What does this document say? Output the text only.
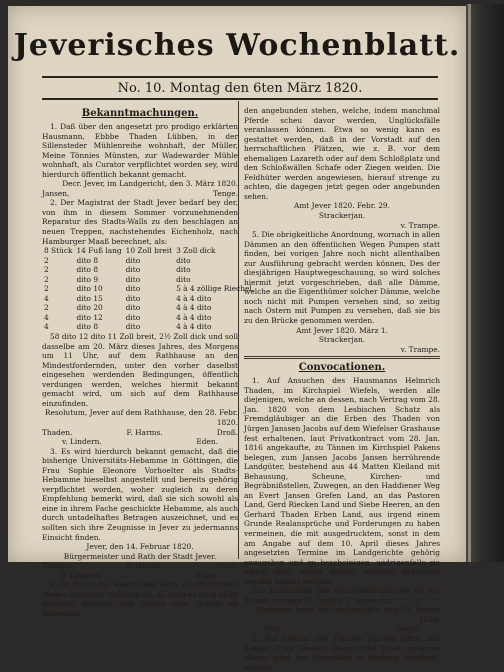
Jeverisches Wochenblatt.
No. 10. Montag den 6ten März 1820.
Bekanntmachungen.

1. Daß über den angesetzt pro prodigo erklärten Hausmann, Ebbbe Thaden Lübben, in der Sillensteder Mühlenreihe wohnhaft, der Müller, Meine Tönnies Münsten, zur Wadewarder Mühle wohnhaft, als Curator verpflichtet worden sey, wird hierdurch öffentlich bekannt gemacht.

Decr. Jever, im Landgericht, den 3. März 1820.

Jansen,	Tenge.

2. Der Magistrat der Stadt Jever bedarf bey der, von ihm in diesem Sommer vorzunehmenden Reparatur des Stadts-Walls zu den beschlagen an neuen Treppen, nachstehendes Eichenholz, nach Hamburger Maaß berechnet, als:

8 Stück	14 Fuß lang	10 Zoll breit	3 Zoll dick
2	dito 8	dito	dito
2	dito 8	dito	dito
2	dito 9	dito	dito
2	dito 10	dito	5 à 4 zöllige Riechel,
4	dito 15	dito	4 à 4 dito
2	dito 20	dito	4 à 4 dito
4	dito 12	dito	4 à 4 dito
4	dito 8	dito	4 à 4 dito

58 dito 12 dito 11 Zoll breit, 2½ Zoll dick und soll dasselbe am 20. März dieses Jahres, des Morgens um 11 Uhr, auf dem Rathhause an den Mindestfordernden, unter den vorher daselbst eingesehen werdenden Bedingungen, öffentlich verdungen werden, welches hiermit bekannt gemacht wird, um sich auf dem Rathhause einzufinden.

Resolutum, Jever auf dem Rathhause, den 28. Febr. 1820.

Thaden.	F. Harms.	Droß.
v. Lindern.	Eden.

3. Es wird hierdurch bekannt gemacht, daß die bisherige Universitäts-Hebamme in Göttingen, die Frau Sophie Eleonore Vorhoelter als Stadts-Hebamme hieselbst angestellt und bereits gehörig verpflichtet worden, woher zugleich zu deren Empfehlung bemerkt wird, daß sie sich sowohl als eine in ihrem Fache geschickte Hebamme, als auch durch untadelhaftes Betragen auszeichnet, und es sollten sich ihre Zeugnisse in Jever zu jedermanns Einsicht finden.

Jever, den 14. Februar 1820.

Bürgermeister und Rath der Stadt Jever.

Thaden.	F. Harms.	Droß.
v. Lindern.	Eden.

4. Da durch das Weiden des Viehs an öffentlichen Wegen durchaus verboten ist, so kann es auch nicht geduldet werden, daß Ziegen oder Schafe an denselben

den angebunden stehen, welche, indem manchmal Pferde scheu davor werden, Unglücksfälle veranlassen können. Etwa so wenig kann es gestattet werden, daß in der Vorstadt auf den herrschaftlichen Plätzen, wie z. B. vor dem ehemaligen Lazareth oder auf dem Schloßplatz und den Schloßwällen Schafe oder Ziegen weiden. Die Feldhüter werden angewiesen, hierauf strenge zu achten, die dagegen jetzt gegen oder angebunden sehen.

Amt Jever 1820. Febr. 29.

Strackerjan.

v. Trampe.

5. Die obrigkeitliche Anordnung, wornach in allen Dämmen an den öffentlichen Wegen Pumpen statt finden, bei vorigen Jahre noch nicht allenthalben zur Ausführung gebracht werden können, Des der diesjährigen Hauptwegeschauung, so wird solches hiermit jetzt vorgeschrieben, daß alle Dämme, welche an die Eigenthümer solcher Dämme, welche noch nicht mit Pumpen versehen sind, so zeitig nach Ostern mit Pumpen zu versehen, daß sie bis zu den Brücke genommen werden.

Amt Jever 1820. März 1.

Strackerjan.

v. Trampe.

Convocationen.

1. Auf Ansuchen des Hausmanns Helmrich Thaden, im Kirchspiel Wiefels, werden alle diejenigen, welche an dessen, nach Vertrag vom 28. Jan. 1820 von dem Lesbischen Schatz als Fremdgläubiger an die Erben des Thaden von Jürgen Janssen Jacobs auf dem Wiefelser Grashause fest erhaltenen, laut Privatkontract vom 28. Jan. 1816 angekaufte, zu Tännen im Kirchspiel Pakens belegen, zum Jansen Jacobs Jansen herrührende Landgüter, bestehend aus 44 Matten Kleiland mit Behausung, Scheune, Kirchen- und Begräbnißstellen, Zuwegen, an den Haddiener Weg an Evert Jansen Grefen Land, an das Pastoren Land, Gerd Riecken Land und Siebe Heeren, an den Gerhard Thaden Erben Land, aus irgend einem Grunde Realansprüche und Forderungen zu haben vermeinen, die mit ausgedrucktem, sonst in dem am Angabe auf dem 10. April dieses Jahres angesetzten Termine im Landgerichte gehörig anzugeben und zu bescheinigen, widrigenfalls sie damit nicht weiter gehört, sondern präcludirt werden erklärt werden.

Zur Publication des Präclusivbescheides ist ein Termin auf den 15. April d. J. angesetzt.

Decretum Jever, im Landgerichte, den 29. Januar 1820.

Ittig	Tenge.

2. Auf Instanz des Tönnies Janssen Eden und dessen Frau Geeske Margarethe Eden, geborne Harms wird, der Grundlage zu Borhave wohnhaft, werden
